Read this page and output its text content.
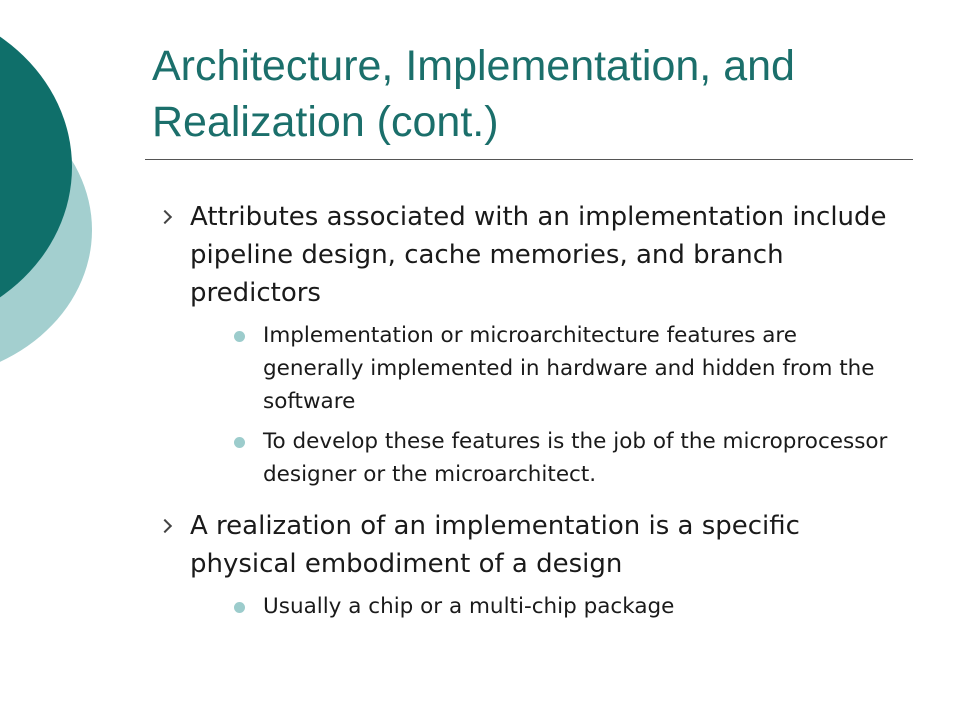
Architecture, Implementation, and Realization (cont.)
Attributes associated with an implementation include pipeline design, cache memories, and branch predictors
Implementation or microarchitecture features are generally implemented in hardware and hidden from the software
To develop these features is the job of the microprocessor designer or the microarchitect.
A realization of an implementation is a specific physical embodiment of a design
Usually a chip or a multi-chip package
